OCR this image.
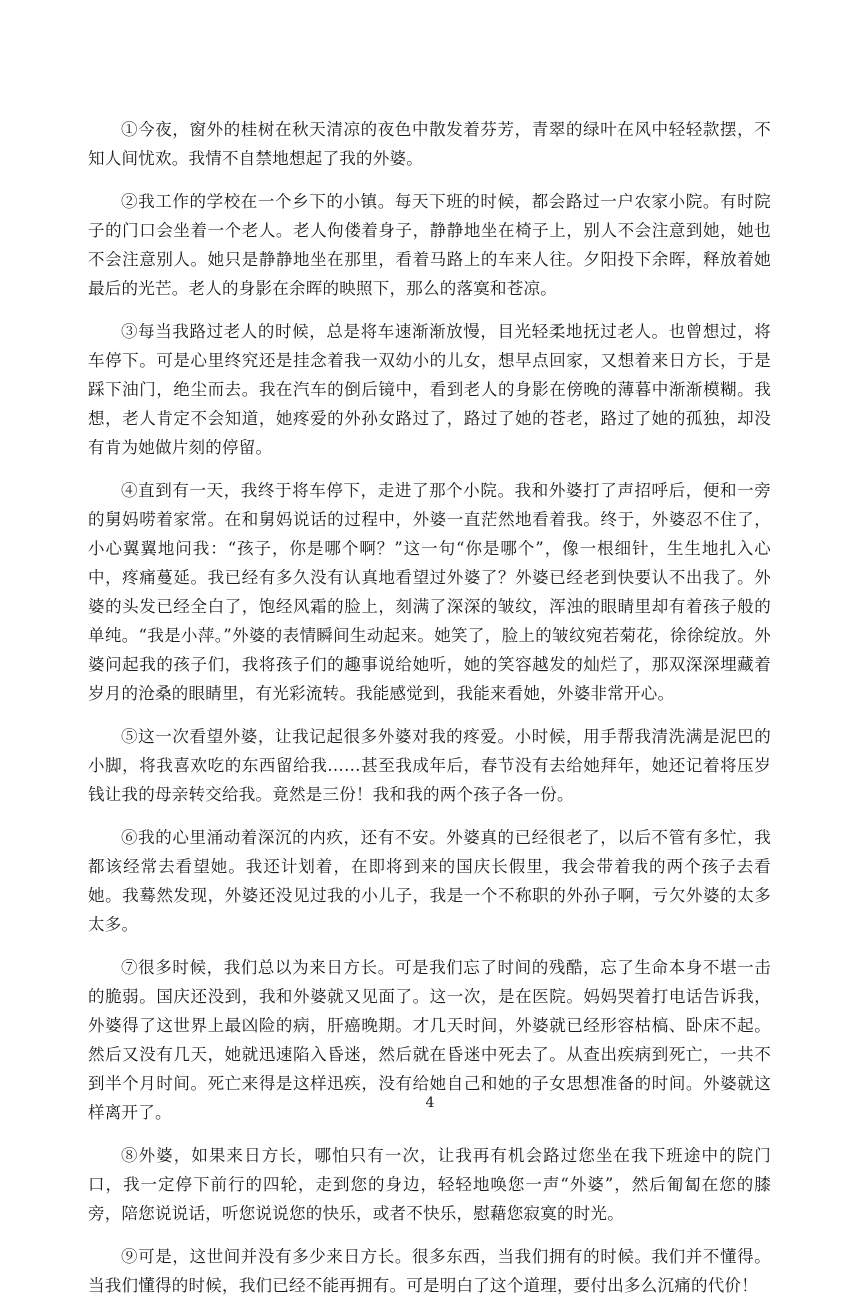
①今夜，窗外的桂树在秋天清凉的夜色中散发着芬芳，青翠的绿叶在风中轻轻款摆，不知人间忧欢。我情不自禁地想起了我的外婆。

②我工作的学校在一个乡下的小镇。每天下班的时候，都会路过一户农家小院。有时院子的门口会坐着一个老人。老人佝偻着身子，静静地坐在椅子上，别人不会注意到她，她也不会注意别人。她只是静静地坐在那里，看着马路上的车来人往。夕阳投下余晖，释放着她最后的光芒。老人的身影在余晖的映照下，那么的落寞和苍凉。

③每当我路过老人的时候，总是将车速渐渐放慢，目光轻柔地抚过老人。也曾想过，将车停下。可是心里终究还是挂念着我一双幼小的儿女，想早点回家，又想着来日方长，于是踩下油门，绝尘而去。我在汽车的倒后镜中，看到老人的身影在傍晚的薄暮中渐渐模糊。我想，老人肯定不会知道，她疼爱的外孙女路过了，路过了她的苍老，路过了她的孤独，却没有肯为她做片刻的停留。

④直到有一天，我终于将车停下，走进了那个小院。我和外婆打了声招呼后，便和一旁的舅妈唠着家常。在和舅妈说话的过程中，外婆一直茫然地看着我。终于，外婆忍不住了，小心翼翼地问我：“孩子，你是哪个啊？”这一句“你是哪个”，像一根细针，生生地扎入心中，疼痛蔓延。我已经有多久没有认真地看望过外婆了？外婆已经老到快要认不出我了。外婆的头发已经全白了，饱经风霜的脸上，刻满了深深的皱纹，浑浊的眼睛里却有着孩子般的单纯。“我是小萍。”外婆的表情瞬间生动起来。她笑了，脸上的皱纹宛若菊花，徐徐绽放。外婆问起我的孩子们，我将孩子们的趣事说给她听，她的笑容越发的灿烂了，那双深深埋藏着岁月的沧桑的眼睛里，有光彩流转。我能感觉到，我能来看她，外婆非常开心。

⑤这一次看望外婆，让我记起很多外婆对我的疼爱。小时候，用手帮我清洗满是泥巴的小脚，将我喜欢吃的东西留给我……甚至我成年后，春节没有去给她拜年，她还记着将压岁钱让我的母亲转交给我。竟然是三份！我和我的两个孩子各一份。

⑥我的心里涌动着深沉的内疚，还有不安。外婆真的已经很老了，以后不管有多忙，我都该经常去看望她。我还计划着，在即将到来的国庆长假里，我会带着我的两个孩子去看她。我蓦然发现，外婆还没见过我的小儿子，我是一个不称职的外孙子啊，亏欠外婆的太多太多。

⑦很多时候，我们总以为来日方长。可是我们忘了时间的残酷，忘了生命本身不堪一击的脆弱。国庆还没到，我和外婆就又见面了。这一次，是在医院。妈妈哭着打电话告诉我，外婆得了这世界上最凶险的病，肝癌晚期。才几天时间，外婆就已经形容枯槁、卧床不起。然后又没有几天，她就迅速陷入昏迷，然后就在昏迷中死去了。从查出疾病到死亡，一共不到半个月时间。死亡来得是这样迅疾，没有给她自己和她的子女思想准备的时间。外婆就这样离开了。

⑧外婆，如果来日方长，哪怕只有一次，让我再有机会路过您坐在我下班途中的院门口，我一定停下前行的四轮，走到您的身边，轻轻地唤您一声“外婆”，然后匍匐在您的膝旁，陪您说说话，听您说说您的快乐，或者不快乐，慰藉您寂寞的时光。

⑨可是，这世间并没有多少来日方长。很多东西，当我们拥有的时候。我们并不懂得。当我们懂得的时候，我们已经不能再拥有。可是明白了这个道理，要付出多么沉痛的代价！

4
